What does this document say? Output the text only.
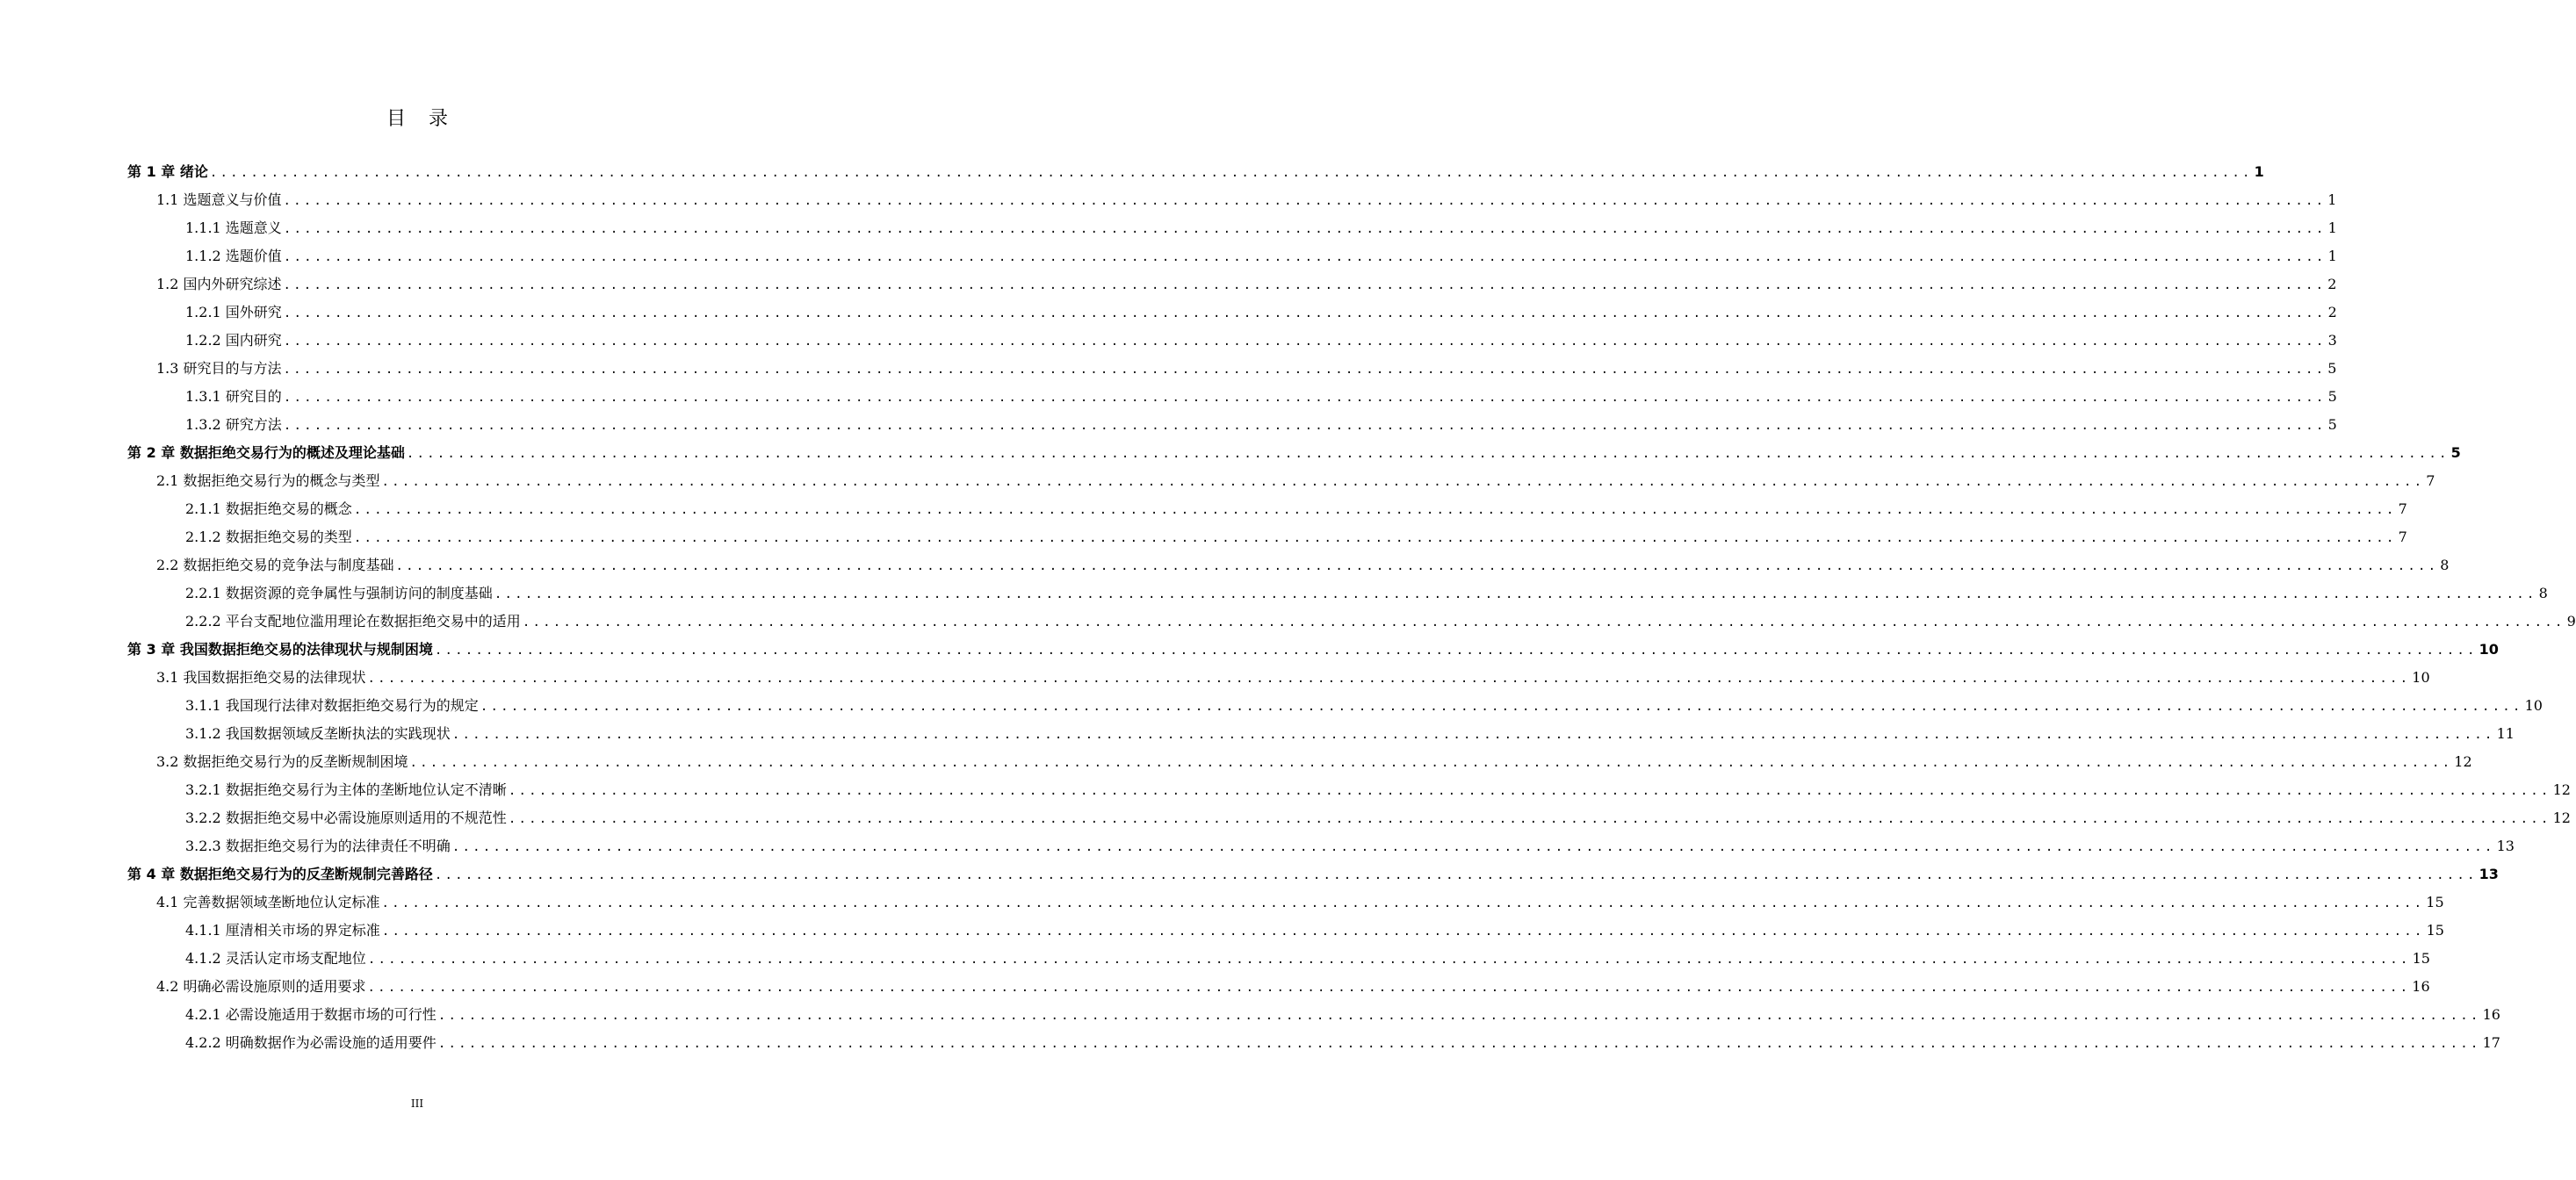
目录
第 1 章 绪论 ........................................................................................................................................................................................................ 1
1.1 选题意义与价值 ........................................................................................................................................................................................................ 1
1.1.1 选题意义 ........................................................................................................................................................................................................ 1
1.1.2 选题价值 ........................................................................................................................................................................................................ 1
1.2 国内外研究综述 ........................................................................................................................................................................................................ 2
1.2.1 国外研究 ........................................................................................................................................................................................................ 2
1.2.2 国内研究 ........................................................................................................................................................................................................ 3
1.3 研究目的与方法 ........................................................................................................................................................................................................ 5
1.3.1 研究目的 ........................................................................................................................................................................................................ 5
1.3.2 研究方法 ........................................................................................................................................................................................................ 5
第 2 章 数据拒绝交易行为的概述及理论基础 ........................................................................................................................................................................................................ 5
2.1 数据拒绝交易行为的概念与类型 ........................................................................................................................................................................................................ 7
2.1.1 数据拒绝交易的概念 ........................................................................................................................................................................................................ 7
2.1.2 数据拒绝交易的类型 ........................................................................................................................................................................................................ 7
2.2 数据拒绝交易的竞争法与制度基础 ........................................................................................................................................................................................................ 8
2.2.1 数据资源的竞争属性与强制访问的制度基础 ........................................................................................................................................................................................................ 8
2.2.2 平台支配地位滥用理论在数据拒绝交易中的适用 ........................................................................................................................................................................................................ 9
第 3 章 我国数据拒绝交易的法律现状与规制困境 ........................................................................................................................................................................................................ 10
3.1 我国数据拒绝交易的法律现状 ........................................................................................................................................................................................................ 10
3.1.1 我国现行法律对数据拒绝交易行为的规定 ........................................................................................................................................................................................................ 10
3.1.2 我国数据领域反垄断执法的实践现状 ........................................................................................................................................................................................................ 11
3.2 数据拒绝交易行为的反垄断规制困境 ........................................................................................................................................................................................................ 12
3.2.1 数据拒绝交易行为主体的垄断地位认定不清晰 ........................................................................................................................................................................................................ 12
3.2.2 数据拒绝交易中必需设施原则适用的不规范性 ........................................................................................................................................................................................................ 12
3.2.3 数据拒绝交易行为的法律责任不明确 ........................................................................................................................................................................................................ 13
第 4 章 数据拒绝交易行为的反垄断规制完善路径 ........................................................................................................................................................................................................ 13
4.1 完善数据领域垄断地位认定标准 ........................................................................................................................................................................................................ 15
4.1.1 厘清相关市场的界定标准 ........................................................................................................................................................................................................ 15
4.1.2 灵活认定市场支配地位 ........................................................................................................................................................................................................ 15
4.2 明确必需设施原则的适用要求 ........................................................................................................................................................................................................ 16
4.2.1 必需设施适用于数据市场的可行性 ........................................................................................................................................................................................................ 16
4.2.2 明确数据作为必需设施的适用要件 ........................................................................................................................................................................................................ 17
III
